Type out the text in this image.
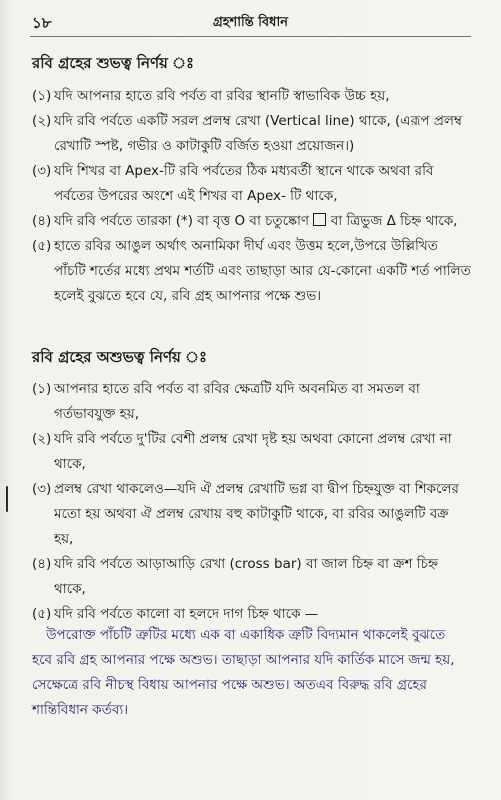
১৮	গ্রহশান্তি বিধান
রবি গ্রহের শুভত্ব নির্ণয় ঃ
(১) যদি আপনার হাতে রবি পর্বত বা রবির স্থানটি স্বাভাবিক উচ্চ হয়,
(২) যদি রবি পর্বতে একটি সরল প্রলম্ব রেখা (Vertical line) থাকে, (এরূপ প্রলম্ব রেখাটি স্পষ্ট, গভীর ও কাটাকুটি বর্জিত হওয়া প্রয়োজন।)
(৩) যদি শিখর বা Apex-টি রবি পর্বতের ঠিক মধ্যবর্তী স্থানে থাকে অথবা রবি পর্বতের উপরের অংশে এই শিখর বা Apex- টি থাকে,
(৪) যদি রবি পর্বতে তারকা (*) বা বৃত্ত O বা চতুষ্কোণ বা ত্রিভুজ Δ চিহ্ন থাকে,
(৫) হাতে রবির আঙুল অর্থাৎ অনামিকা দীর্ঘ এবং উত্তম হলে,উপরে উল্লিখিত পাঁচটি শর্তের মধ্যে প্রথম শর্তটি এবং তাছাড়া আর যে-কোনো একটি শর্ত পালিত হলেই বুঝতে হবে যে, রবি গ্রহ আপনার পক্ষে শুভ।
রবি গ্রহের অশুভত্ব নির্ণয় ঃ
(১) আপনার হাতে রবি পর্বত বা রবির ক্ষেত্রটি যদি অবনমিত বা সমতল বা গর্তভাবযুক্ত হয়,
(২) যদি রবি পর্বতে দু'টির বেশী প্রলম্ব রেখা দৃষ্ট হয় অথবা কোনো প্রলম্ব রেখা না থাকে,
(৩) প্রলম্ব রেখা থাকলেও—যদি ঐ প্রলম্ব রেখাটি ভগ্ন বা দ্বীপ চিহ্নযুক্ত বা শিকলের মতো হয় অথবা ঐ প্রলম্ব রেখায় বহু কাটাকুটি থাকে, বা রবির আঙুলটি বক্র হয়,
(৪) যদি রবি পর্বতে আড়াআড়ি রেখা (cross bar) বা জাল চিহ্ন বা ক্রশ চিহ্ন থাকে,
(৫) যদি রবি পর্বতে কালো বা হলদে দাগ চিহ্ন থাকে —

উপরোক্ত পাঁচটি ত্রুটির মধ্যে এক বা একাধিক ত্রুটি বিদ্যমান থাকলেই বুঝতে হবে রবি গ্রহ আপনার পক্ষে অশুভ। তাছাড়া আপনার যদি কার্তিক মাসে জন্ম হয়, সেক্ষেত্রে রবি নীচস্থ বিধায় আপনার পক্ষে অশুভ। অতএব বিরুদ্ধ রবি গ্রহের শান্তিবিধান কর্তব্য।
